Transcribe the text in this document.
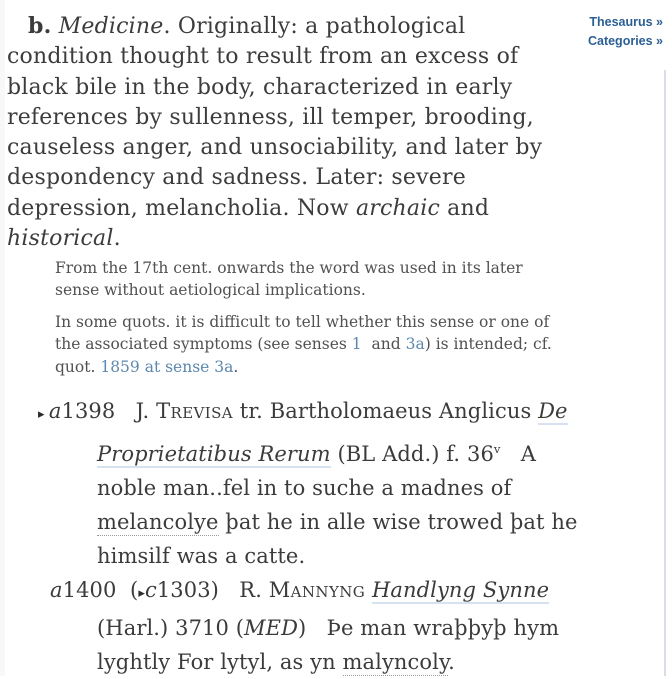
Thesaurus »
Categories »
b. Medicine. Originally: a pathological
condition thought to result from an excess of
black bile in the body, characterized in early
references by sullenness, ill temper, brooding,
causeless anger, and unsociability, and later by
despondency and sadness. Later: severe
depression, melancholia. Now archaic and
historical.
From the 17th cent. onwards the word was used in its later
sense without aetiological implications.
In some quots. it is difficult to tell whether this sense or one of
the associated symptoms (see senses 1  and 3a) is intended; cf.
quot. 1859 at sense 3a.
▸ a1398   J. Trevisa tr. Bartholomaeus Anglicus De
Proprietatibus Rerum (BL Add.) f. 36$^v$   A
noble man..fel in to suche a madnes of
melancolye þat he in alle wise trowed þat he
himsilf was a catte.
a1400  (▸c1303)   R. Mannyng Handlyng Synne
(Harl.) 3710 (MED)   Þe man wraþþyþ hym
lyghtly For lytyl, as yn malyncoly.
